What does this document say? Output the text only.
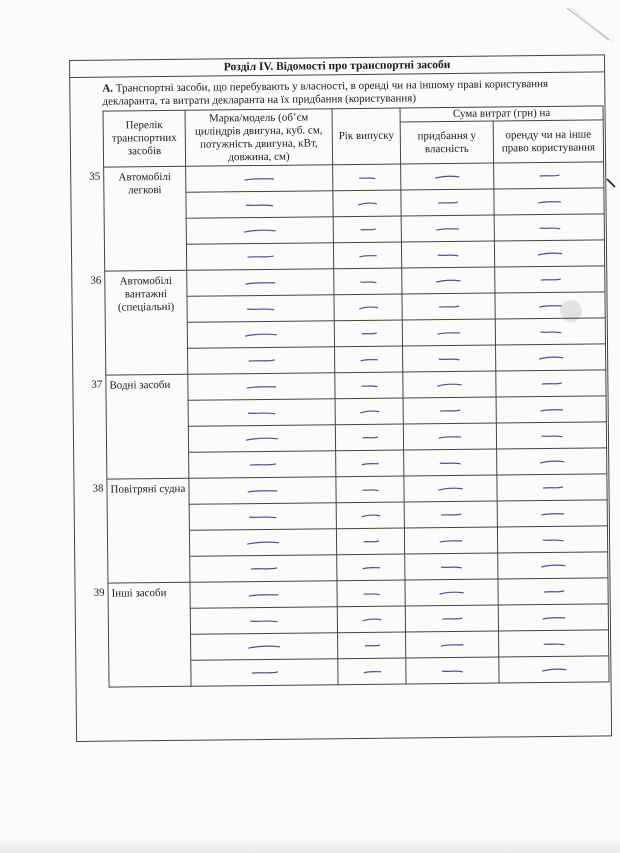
Розділ IV. Відомості про транспортні засоби
А. Транспортні засоби, що перебувають у власності, в оренді чи на іншому праві користування декларанта, та витрати декларанта на їх придбання (користування)
Перелік транспортних засобів	Марка/модель (об’єм циліндрів двигуна, куб. см, потужність двигуна, кВт, довжина, см)	Рік випуску	Сума витрат (грн) на	
			придбання у власність	оренду чи на інше право користування

35 Автомобілі легкові	

36 Автомобілі вантажні (спеціальні)	

37 Водні засоби	

38 Повітряні судна	

39 Інші засоби	
